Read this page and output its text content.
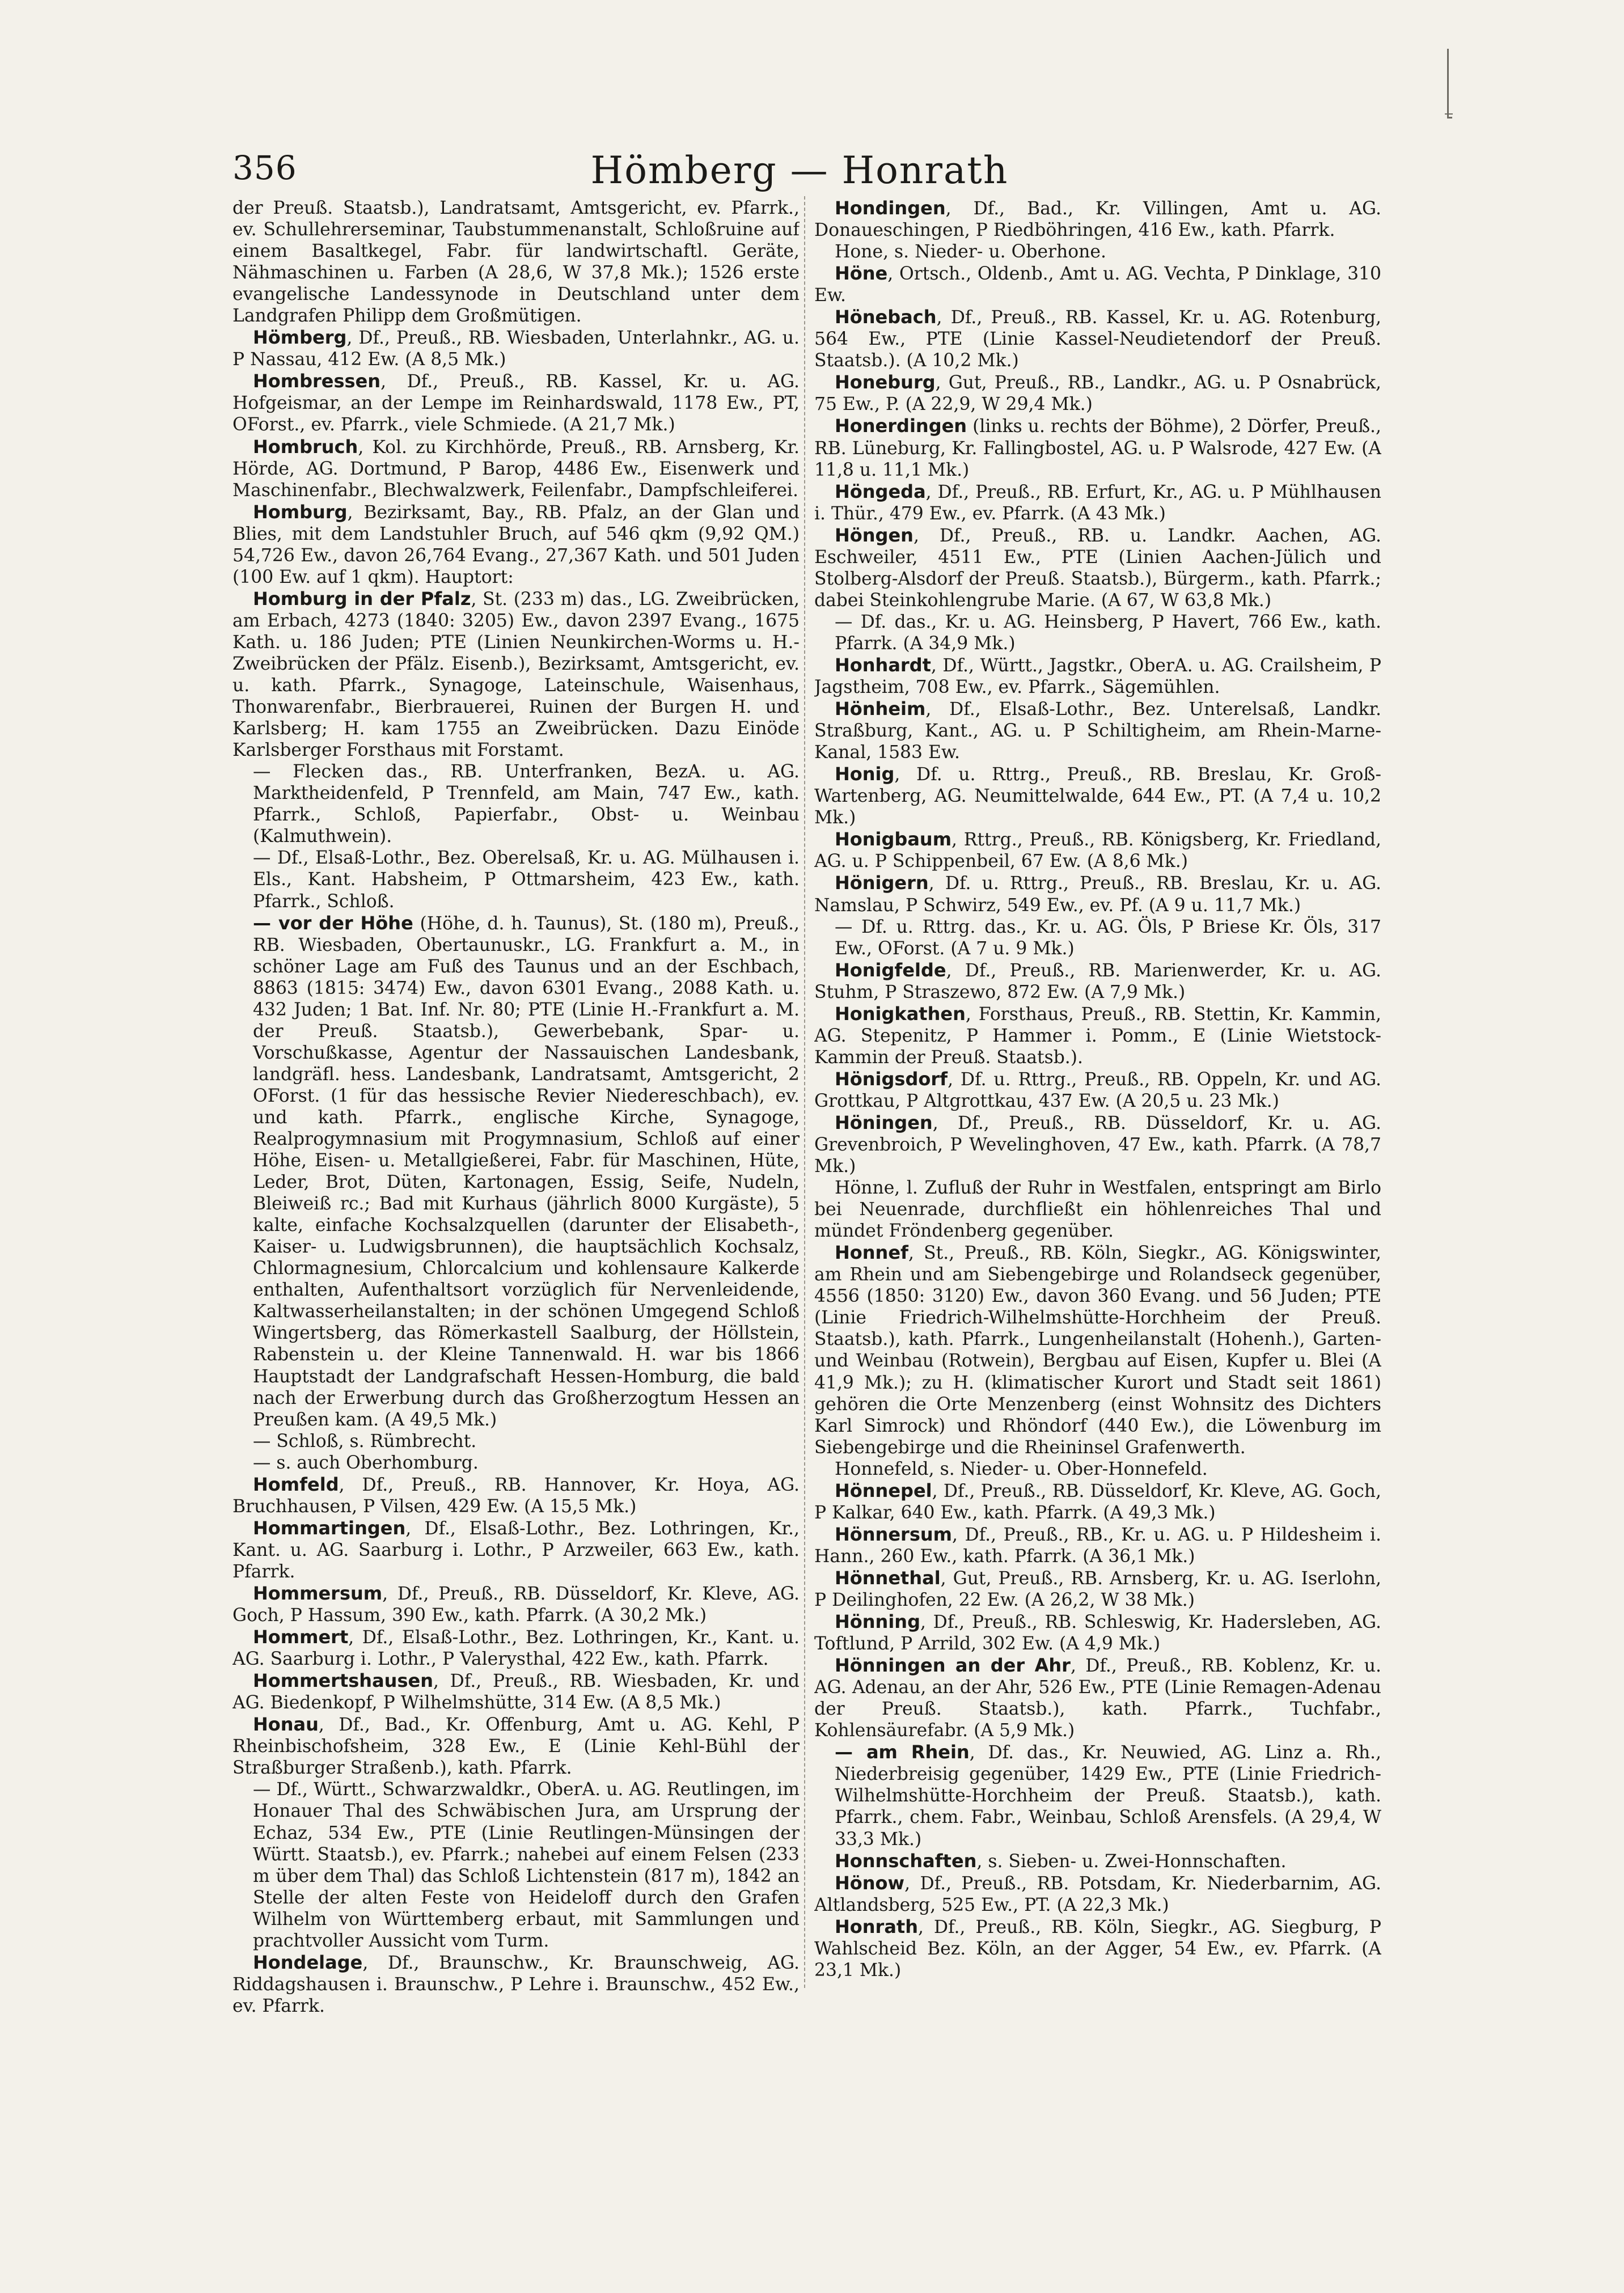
356	Hömberg — Honrath

der Preuß. Staatsb.), Landratsamt, Amtsgericht, ev. Pfarrk., ev. Schullehrerseminar, Taubstummenanstalt, Schloßruine auf einem Basaltkegel, Fabr. für landwirtschaftl. Geräte, Nähmaschinen u. Farben (A 28,6, W 37,8 Mk.); 1526 erste evangelische Landessynode in Deutschland unter dem Landgrafen Philipp dem Großmütigen.

Hömberg, Df., Preuß., RB. Wiesbaden, Unterlahnkr., AG. u. P Nassau, 412 Ew. (A 8,5 Mk.)

Hombressen, Df., Preuß., RB. Kassel, Kr. u. AG. Hofgeismar, an der Lempe im Reinhardswald, 1178 Ew., PT, OForst., ev. Pfarrk., viele Schmiede. (A 21,7 Mk.)

Hombruch, Kol. zu Kirchhörde, Preuß., RB. Arnsberg, Kr. Hörde, AG. Dortmund, P Barop, 4486 Ew., Eisenwerk und Maschinenfabr., Blechwalzwerk, Feilenfabr., Dampfschleiferei.

Homburg, Bezirksamt, Bay., RB. Pfalz, an der Glan und Blies, mit dem Landstuhler Bruch, auf 546 qkm (9,92 QM.) 54,726 Ew., davon 26,764 Evang., 27,367 Kath. und 501 Juden (100 Ew. auf 1 qkm). Hauptort:

Homburg in der Pfalz, St. (233 m) das., LG. Zweibrücken, am Erbach, 4273 (1840: 3205) Ew., davon 2397 Evang., 1675 Kath. u. 186 Juden; PTE (Linien Neunkirchen-Worms u. H.-Zweibrücken der Pfälz. Eisenb.), Bezirksamt, Amtsgericht, ev. u. kath. Pfarrk., Synagoge, Lateinschule, Waisenhaus, Thonwarenfabr., Bierbrauerei, Ruinen der Burgen H. und Karlsberg; H. kam 1755 an Zweibrücken. Dazu Einöde Karlsberger Forsthaus mit Forstamt.

— Flecken das., RB. Unterfranken, BezA. u. AG. Marktheidenfeld, P Trennfeld, am Main, 747 Ew., kath. Pfarrk., Schloß, Papierfabr., Obst- u. Weinbau (Kalmuthwein).

— Df., Elsaß-Lothr., Bez. Oberelsaß, Kr. u. AG. Mülhausen i. Els., Kant. Habsheim, P Ottmarsheim, 423 Ew., kath. Pfarrk., Schloß.

— vor der Höhe (Höhe, d. h. Taunus), St. (180 m), Preuß., RB. Wiesbaden, Obertaunuskr., LG. Frankfurt a. M., in schöner Lage am Fuß des Taunus und an der Eschbach, 8863 (1815: 3474) Ew., davon 6301 Evang., 2088 Kath. u. 432 Juden; 1 Bat. Inf. Nr. 80; PTE (Linie H.-Frankfurt a. M. der Preuß. Staatsb.), Gewerbebank, Spar- u. Vorschußkasse, Agentur der Nassauischen Landesbank, landgräfl. hess. Landesbank, Landratsamt, Amtsgericht, 2 OForst. (1 für das hessische Revier Niedereschbach), ev. und kath. Pfarrk., englische Kirche, Synagoge, Realprogymnasium mit Progymnasium, Schloß auf einer Höhe, Eisen- u. Metallgießerei, Fabr. für Maschinen, Hüte, Leder, Brot, Düten, Kartonagen, Essig, Seife, Nudeln, Bleiweiß rc.; Bad mit Kurhaus (jährlich 8000 Kurgäste), 5 kalte, einfache Kochsalzquellen (darunter der Elisabeth-, Kaiser- u. Ludwigsbrunnen), die hauptsächlich Kochsalz, Chlormagnesium, Chlorcalcium und kohlensaure Kalkerde enthalten, Aufenthaltsort vorzüglich für Nervenleidende, Kaltwasserheilanstalten; in der schönen Umgegend Schloß Wingertsberg, das Römerkastell Saalburg, der Höllstein, Rabenstein u. der Kleine Tannenwald. H. war bis 1866 Hauptstadt der Landgrafschaft Hessen-Homburg, die bald nach der Erwerbung durch das Großherzogtum Hessen an Preußen kam. (A 49,5 Mk.)

— Schloß, s. Rümbrecht.

— s. auch Oberhomburg.

Homfeld, Df., Preuß., RB. Hannover, Kr. Hoya, AG. Bruchhausen, P Vilsen, 429 Ew. (A 15,5 Mk.)

Hommartingen, Df., Elsaß-Lothr., Bez. Lothringen, Kr., Kant. u. AG. Saarburg i. Lothr., P Arzweiler, 663 Ew., kath. Pfarrk.

Hommersum, Df., Preuß., RB. Düsseldorf, Kr. Kleve, AG. Goch, P Hassum, 390 Ew., kath. Pfarrk. (A 30,2 Mk.)

Hommert, Df., Elsaß-Lothr., Bez. Lothringen, Kr., Kant. u. AG. Saarburg i. Lothr., P Valerysthal, 422 Ew., kath. Pfarrk.

Hommertshausen, Df., Preuß., RB. Wiesbaden, Kr. und AG. Biedenkopf, P Wilhelmshütte, 314 Ew. (A 8,5 Mk.)

Honau, Df., Bad., Kr. Offenburg, Amt u. AG. Kehl, P Rheinbischofsheim, 328 Ew., E (Linie Kehl-Bühl der Straßburger Straßenb.), kath. Pfarrk.

— Df., Württ., Schwarzwaldkr., OberA. u. AG. Reutlingen, im Honauer Thal des Schwäbischen Jura, am Ursprung der Echaz, 534 Ew., PTE (Linie Reutlingen-Münsingen der Württ. Staatsb.), ev. Pfarrk.; nahebei auf einem Felsen (233 m über dem Thal) das Schloß Lichtenstein (817 m), 1842 an Stelle der alten Feste von Heideloff durch den Grafen Wilhelm von Württemberg erbaut, mit Sammlungen und prachtvoller Aussicht vom Turm.

Hondelage, Df., Braunschw., Kr. Braunschweig, AG. Riddagshausen i. Braunschw., P Lehre i. Braunschw., 452 Ew., ev. Pfarrk.

Hondingen, Df., Bad., Kr. Villingen, Amt u. AG. Donaueschingen, P Riedböhringen, 416 Ew., kath. Pfarrk.

Hone, s. Nieder- u. Oberhone.

Höne, Ortsch., Oldenb., Amt u. AG. Vechta, P Dinklage, 310 Ew.

Hönebach, Df., Preuß., RB. Kassel, Kr. u. AG. Rotenburg, 564 Ew., PTE (Linie Kassel-Neudietendorf der Preuß. Staatsb.). (A 10,2 Mk.)

Honeburg, Gut, Preuß., RB., Landkr., AG. u. P Osnabrück, 75 Ew., P. (A 22,9, W 29,4 Mk.)

Honerdingen (links u. rechts der Böhme), 2 Dörfer, Preuß., RB. Lüneburg, Kr. Fallingbostel, AG. u. P Walsrode, 427 Ew. (A 11,8 u. 11,1 Mk.)

Höngeda, Df., Preuß., RB. Erfurt, Kr., AG. u. P Mühlhausen i. Thür., 479 Ew., ev. Pfarrk. (A 43 Mk.)

Höngen, Df., Preuß., RB. u. Landkr. Aachen, AG. Eschweiler, 4511 Ew., PTE (Linien Aachen-Jülich und Stolberg-Alsdorf der Preuß. Staatsb.), Bürgerm., kath. Pfarrk.; dabei Steinkohlengrube Marie. (A 67, W 63,8 Mk.)

— Df. das., Kr. u. AG. Heinsberg, P Havert, 766 Ew., kath. Pfarrk. (A 34,9 Mk.)

Honhardt, Df., Württ., Jagstkr., OberA. u. AG. Crailsheim, P Jagstheim, 708 Ew., ev. Pfarrk., Sägemühlen.

Hönheim, Df., Elsaß-Lothr., Bez. Unterelsaß, Landkr. Straßburg, Kant., AG. u. P Schiltigheim, am Rhein-Marne-Kanal, 1583 Ew.

Honig, Df. u. Rttrg., Preuß., RB. Breslau, Kr. Groß-Wartenberg, AG. Neumittelwalde, 644 Ew., PT. (A 7,4 u. 10,2 Mk.)

Honigbaum, Rttrg., Preuß., RB. Königsberg, Kr. Friedland, AG. u. P Schippenbeil, 67 Ew. (A 8,6 Mk.)

Hönigern, Df. u. Rttrg., Preuß., RB. Breslau, Kr. u. AG. Namslau, P Schwirz, 549 Ew., ev. Pf. (A 9 u. 11,7 Mk.)

— Df. u. Rttrg. das., Kr. u. AG. Öls, P Briese Kr. Öls, 317 Ew., OForst. (A 7 u. 9 Mk.)

Honigfelde, Df., Preuß., RB. Marienwerder, Kr. u. AG. Stuhm, P Straszewo, 872 Ew. (A 7,9 Mk.)

Honigkathen, Forsthaus, Preuß., RB. Stettin, Kr. Kammin, AG. Stepenitz, P Hammer i. Pomm., E (Linie Wietstock-Kammin der Preuß. Staatsb.).

Hönigsdorf, Df. u. Rttrg., Preuß., RB. Oppeln, Kr. und AG. Grottkau, P Altgrottkau, 437 Ew. (A 20,5 u. 23 Mk.)

Höningen, Df., Preuß., RB. Düsseldorf, Kr. u. AG. Grevenbroich, P Wevelinghoven, 47 Ew., kath. Pfarrk. (A 78,7 Mk.)

Hönne, l. Zufluß der Ruhr in Westfalen, entspringt am Birlo bei Neuenrade, durchfließt ein höhlenreiches Thal und mündet Fröndenberg gegenüber.

Honnef, St., Preuß., RB. Köln, Siegkr., AG. Königswinter, am Rhein und am Siebengebirge und Rolandseck gegenüber, 4556 (1850: 3120) Ew., davon 360 Evang. und 56 Juden; PTE (Linie Friedrich-Wilhelmshütte-Horchheim der Preuß. Staatsb.), kath. Pfarrk., Lungenheilanstalt (Hohenh.), Garten- und Weinbau (Rotwein), Bergbau auf Eisen, Kupfer u. Blei (A 41,9 Mk.); zu H. (klimatischer Kurort und Stadt seit 1861) gehören die Orte Menzenberg (einst Wohnsitz des Dichters Karl Simrock) und Rhöndorf (440 Ew.), die Löwenburg im Siebengebirge und die Rheininsel Grafenwerth.

Honnefeld, s. Nieder- u. Ober-Honnefeld.

Hönnepel, Df., Preuß., RB. Düsseldorf, Kr. Kleve, AG. Goch, P Kalkar, 640 Ew., kath. Pfarrk. (A 49,3 Mk.)

Hönnersum, Df., Preuß., RB., Kr. u. AG. u. P Hildesheim i. Hann., 260 Ew., kath. Pfarrk. (A 36,1 Mk.)

Hönnethal, Gut, Preuß., RB. Arnsberg, Kr. u. AG. Iserlohn, P Deilinghofen, 22 Ew. (A 26,2, W 38 Mk.)

Hönning, Df., Preuß., RB. Schleswig, Kr. Hadersleben, AG. Toftlund, P Arrild, 302 Ew. (A 4,9 Mk.)

Hönningen an der Ahr, Df., Preuß., RB. Koblenz, Kr. u. AG. Adenau, an der Ahr, 526 Ew., PTE (Linie Remagen-Adenau der Preuß. Staatsb.), kath. Pfarrk., Tuchfabr., Kohlensäurefabr. (A 5,9 Mk.)

— am Rhein, Df. das., Kr. Neuwied, AG. Linz a. Rh., Niederbreisig gegenüber, 1429 Ew., PTE (Linie Friedrich-Wilhelmshütte-Horchheim der Preuß. Staatsb.), kath. Pfarrk., chem. Fabr., Weinbau, Schloß Arensfels. (A 29,4, W 33,3 Mk.)

Honnschaften, s. Sieben- u. Zwei-Honnschaften.

Hönow, Df., Preuß., RB. Potsdam, Kr. Niederbarnim, AG. Altlandsberg, 525 Ew., PT. (A 22,3 Mk.)

Honrath, Df., Preuß., RB. Köln, Siegkr., AG. Siegburg, P Wahlscheid Bez. Köln, an der Agger, 54 Ew., ev. Pfarrk. (A 23,1 Mk.)
